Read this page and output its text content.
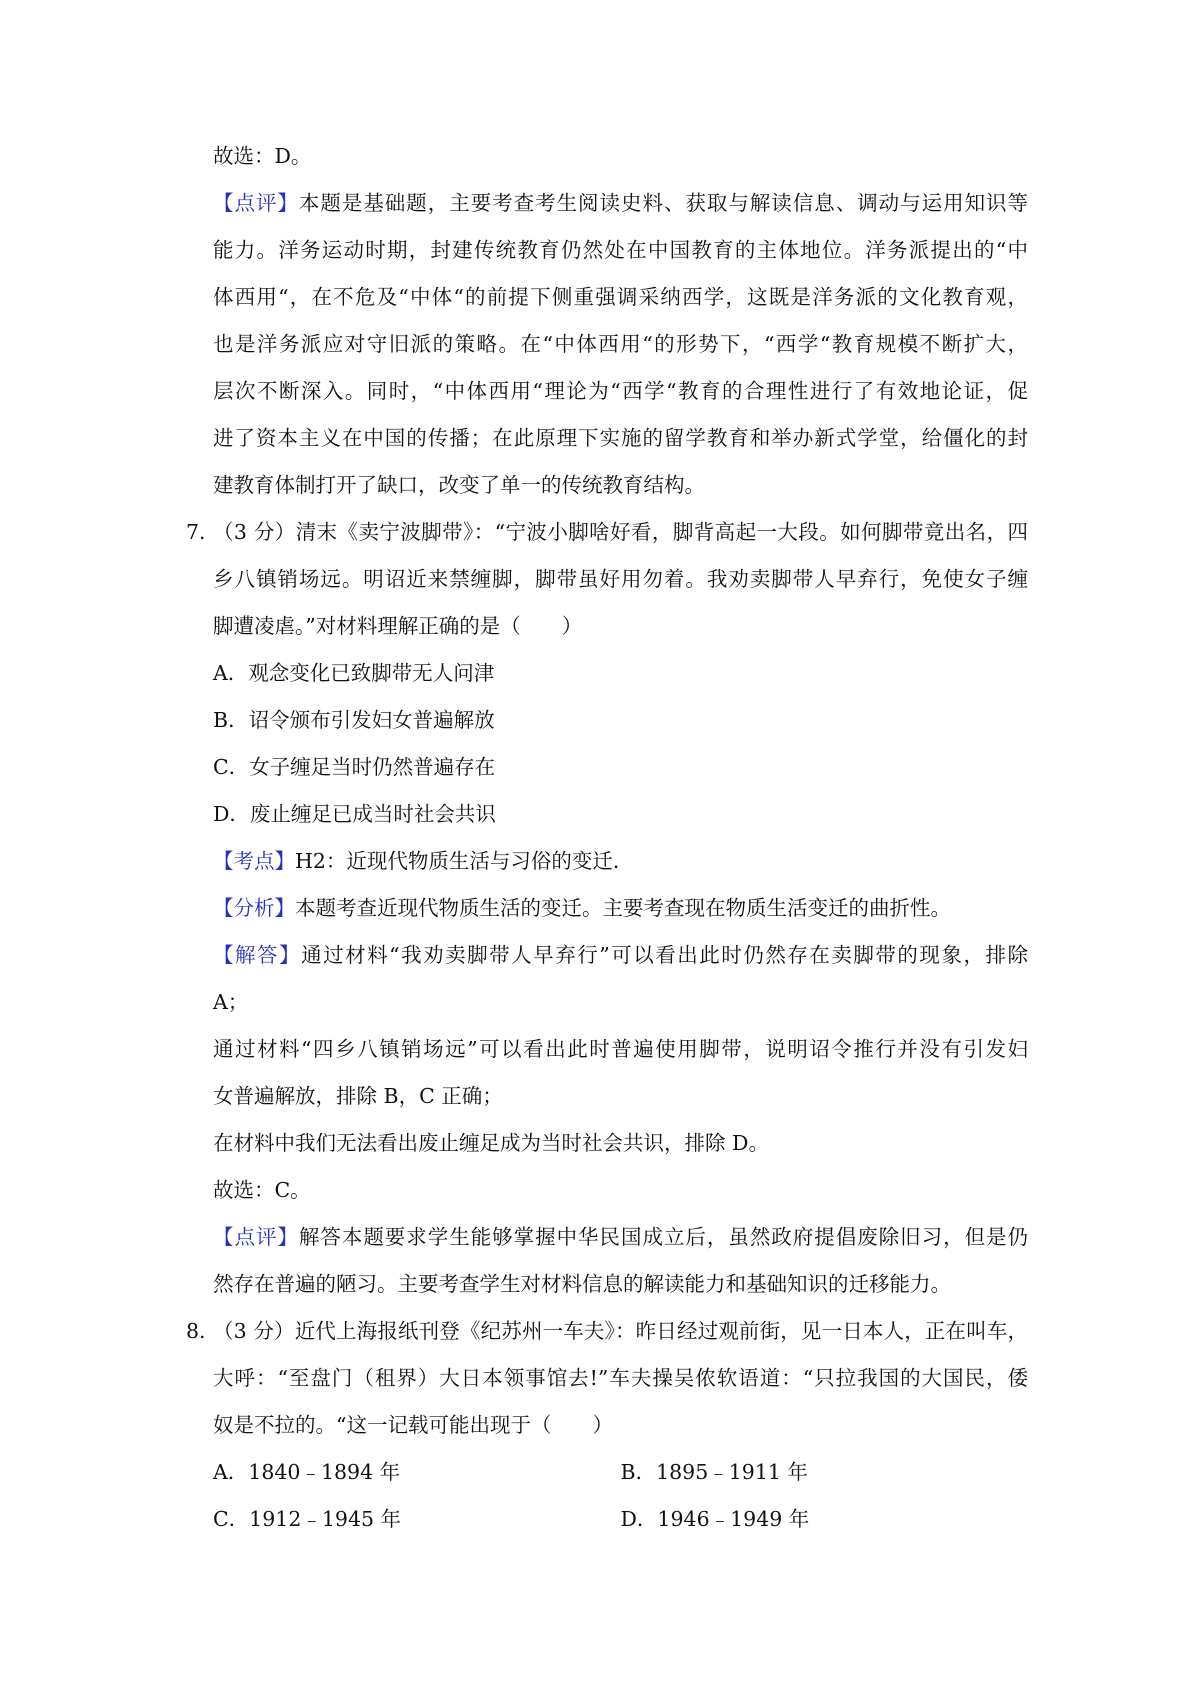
故选：D。

【点评】本题是基础题，主要考查考生阅读史料、获取与解读信息、调动与运用知识等

能力。洋务运动时期，封建传统教育仍然处在中国教育的主体地位。洋务派提出的“中

体西用“，在不危及“中体“的前提下侧重强调采纳西学，这既是洋务派的文化教育观，

也是洋务派应对守旧派的策略。在“中体西用“的形势下，“西学“教育规模不断扩大，

层次不断深入。同时，“中体西用“理论为“西学“教育的合理性进行了有效地论证，促

进了资本主义在中国的传播；在此原理下实施的留学教育和举办新式学堂，给僵化的封

建教育体制打开了缺口，改变了单一的传统教育结构。

7. （3 分）清末《卖宁波脚带》：“宁波小脚啥好看，脚背高起一大段。如何脚带竟出名，四

乡八镇销场远。明诏近来禁缠脚，脚带虽好用勿着。我劝卖脚带人早弃行，免使女子缠

脚遭凌虐。”对材料理解正确的是（　　）

A．观念变化已致脚带无人问津

B．诏令颁布引发妇女普遍解放

C．女子缠足当时仍然普遍存在

D．废止缠足已成当时社会共识

【考点】H2：近现代物质生活与习俗的变迁．

【分析】本题考查近现代物质生活的变迁。主要考查现在物质生活变迁的曲折性。

【解答】通过材料“我劝卖脚带人早弃行”可以看出此时仍然存在卖脚带的现象，排除

A；

通过材料“四乡八镇销场远”可以看出此时普遍使用脚带，说明诏令推行并没有引发妇

女普遍解放，排除 B，C 正确；

在材料中我们无法看出废止缠足成为当时社会共识，排除 D。

故选：C。

【点评】解答本题要求学生能够掌握中华民国成立后，虽然政府提倡废除旧习，但是仍

然存在普遍的陋习。主要考查学生对材料信息的解读能力和基础知识的迁移能力。

8. （3 分）近代上海报纸刊登《纪苏州一车夫》：昨日经过观前街，见一日本人，正在叫车，

大呼：“至盘门（租界）大日本领事馆去!”车夫操吴侬软语道：“只拉我国的大国民，倭

奴是不拉的。“这一记载可能出现于（　　）

A．1840﹣1894 年	B．1895﹣1911 年

C．1912﹣1945 年	D．1946﹣1949 年
